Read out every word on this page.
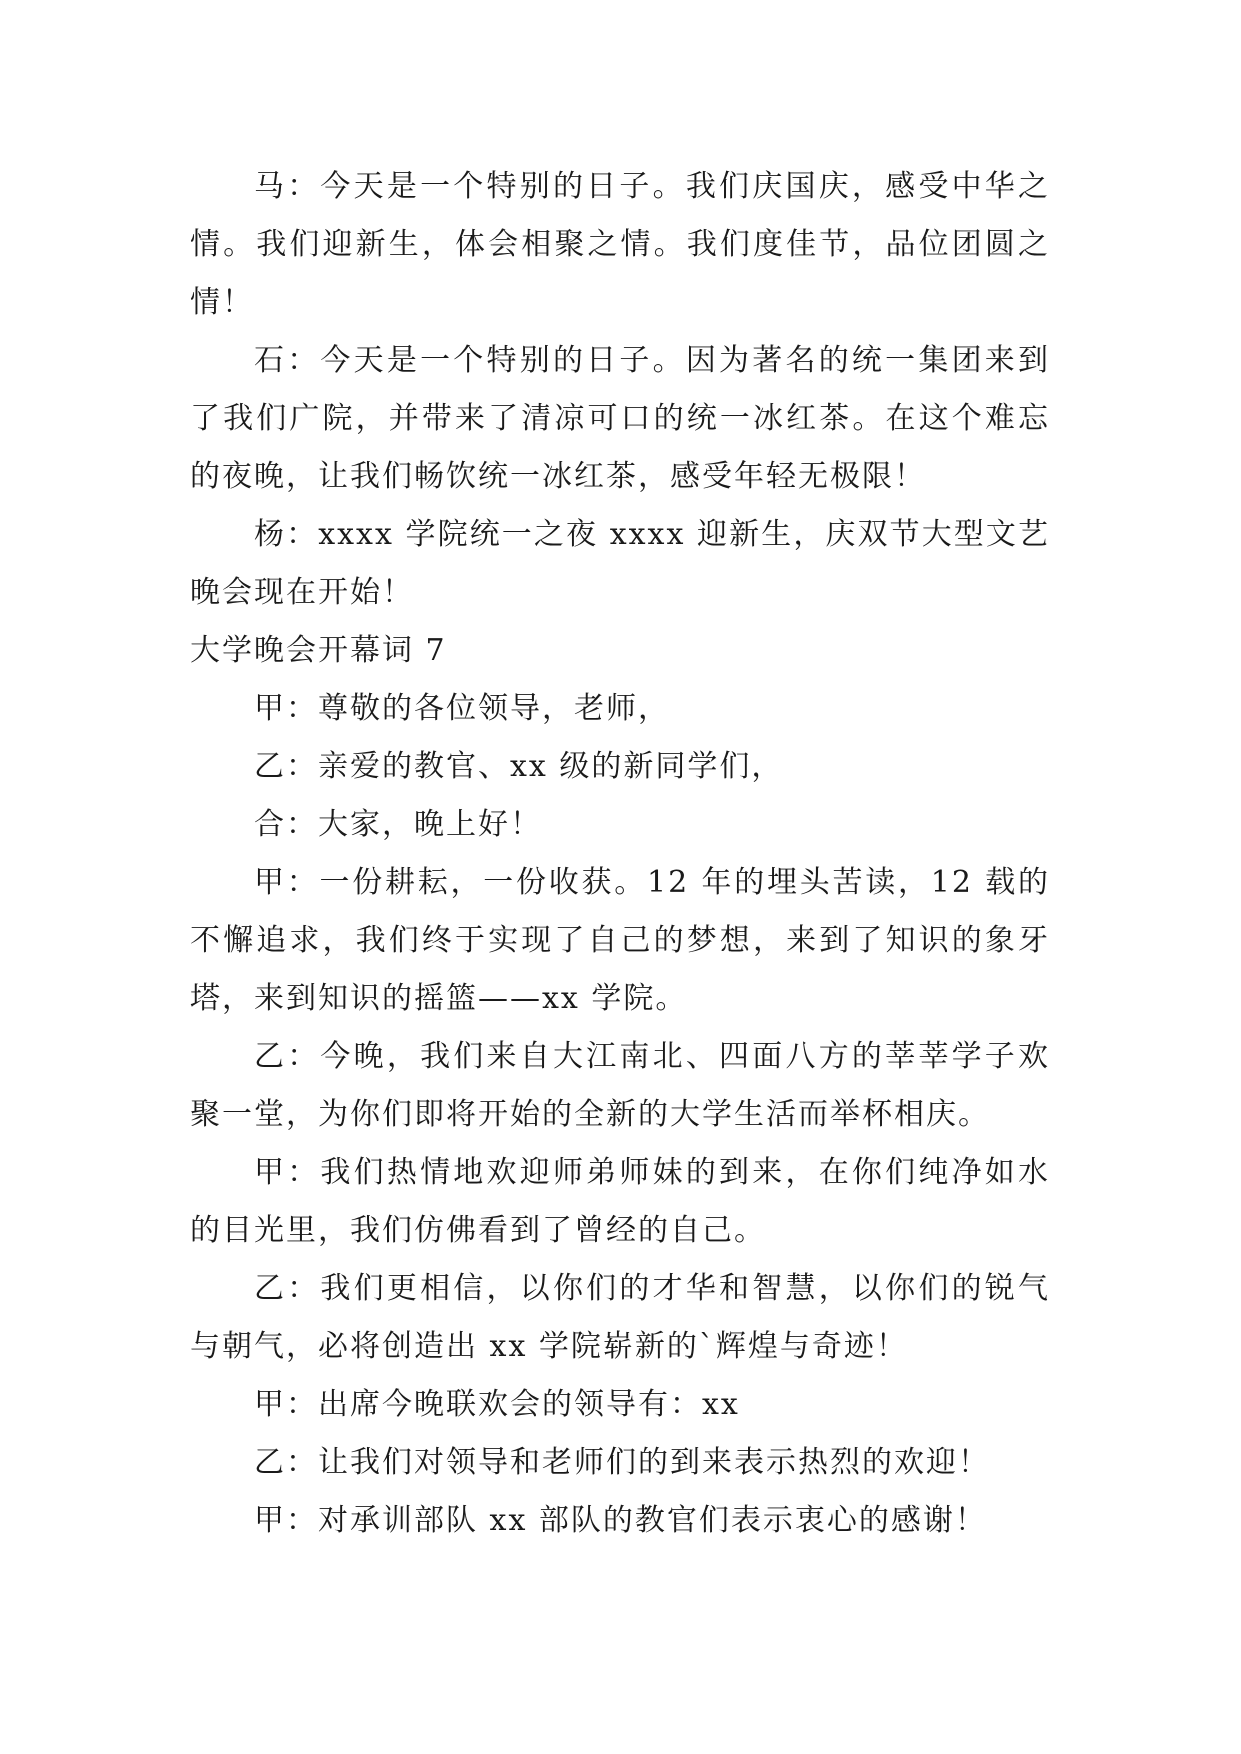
马：今天是一个特别的日子。我们庆国庆，感受中华之情。我们迎新生，体会相聚之情。我们度佳节，品位团圆之情！

石：今天是一个特别的日子。因为著名的统一集团来到了我们广院，并带来了清凉可口的统一冰红茶。在这个难忘的夜晚，让我们畅饮统一冰红茶，感受年轻无极限！

杨：xxxx 学院统一之夜 xxxx 迎新生，庆双节大型文艺晚会现在开始！

大学晚会开幕词 7

甲：尊敬的各位领导，老师，

乙：亲爱的教官、xx 级的新同学们，

合：大家，晚上好！

甲：一份耕耘，一份收获。12 年的埋头苦读，12 载的不懈追求，我们终于实现了自己的梦想，来到了知识的象牙塔，来到知识的摇篮——xx 学院。

乙：今晚，我们来自大江南北、四面八方的莘莘学子欢聚一堂，为你们即将开始的全新的大学生活而举杯相庆。

甲：我们热情地欢迎师弟师妹的到来，在你们纯净如水的目光里，我们仿佛看到了曾经的自己。

乙：我们更相信，以你们的才华和智慧，以你们的锐气与朝气，必将创造出 xx 学院崭新的`辉煌与奇迹！

甲：出席今晚联欢会的领导有：xx

乙：让我们对领导和老师们的到来表示热烈的欢迎！

甲：对承训部队 xx 部队的教官们表示衷心的感谢！
